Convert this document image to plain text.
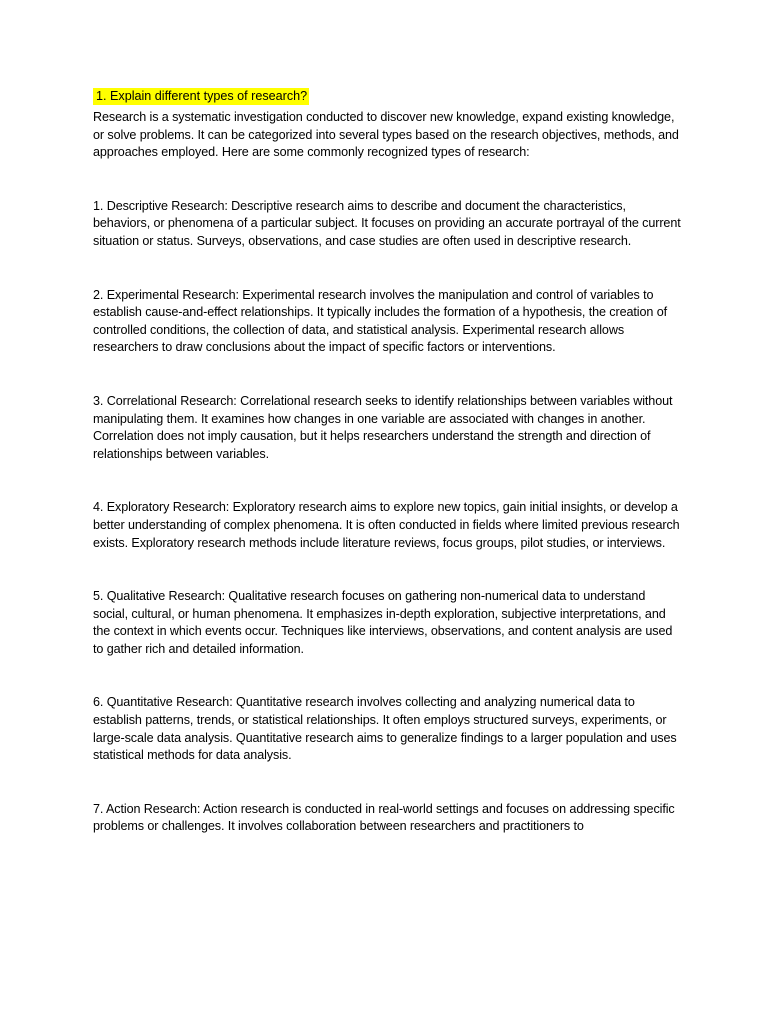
1. Explain different types of research?

Research is a systematic investigation conducted to discover new knowledge, expand existing knowledge, or solve problems. It can be categorized into several types based on the research objectives, methods, and approaches employed. Here are some commonly recognized types of research:

1. Descriptive Research: Descriptive research aims to describe and document the characteristics, behaviors, or phenomena of a particular subject. It focuses on providing an accurate portrayal of the current situation or status. Surveys, observations, and case studies are often used in descriptive research.

2. Experimental Research: Experimental research involves the manipulation and control of variables to establish cause-and-effect relationships. It typically includes the formation of a hypothesis, the creation of controlled conditions, the collection of data, and statistical analysis. Experimental research allows researchers to draw conclusions about the impact of specific factors or interventions.

3. Correlational Research: Correlational research seeks to identify relationships between variables without manipulating them. It examines how changes in one variable are associated with changes in another. Correlation does not imply causation, but it helps researchers understand the strength and direction of relationships between variables.

4. Exploratory Research: Exploratory research aims to explore new topics, gain initial insights, or develop a better understanding of complex phenomena. It is often conducted in fields where limited previous research exists. Exploratory research methods include literature reviews, focus groups, pilot studies, or interviews.

5. Qualitative Research: Qualitative research focuses on gathering non-numerical data to understand social, cultural, or human phenomena. It emphasizes in-depth exploration, subjective interpretations, and the context in which events occur. Techniques like interviews, observations, and content analysis are used to gather rich and detailed information.

6. Quantitative Research: Quantitative research involves collecting and analyzing numerical data to establish patterns, trends, or statistical relationships. It often employs structured surveys, experiments, or large-scale data analysis. Quantitative research aims to generalize findings to a larger population and uses statistical methods for data analysis.

7. Action Research: Action research is conducted in real-world settings and focuses on addressing specific problems or challenges. It involves collaboration between researchers and practitioners to
